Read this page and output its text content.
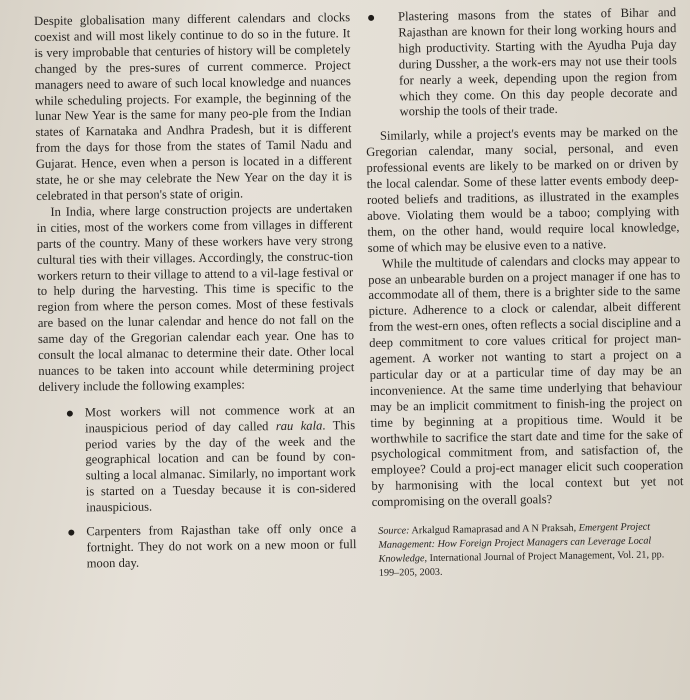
Despite globalisation many different calendars and clocks coexist and will most likely continue to do so in the future. It is very improbable that centuries of history will be completely changed by the pres-sures of current commerce. Project managers need to aware of such local knowledge and nuances while scheduling projects. For example, the beginning of the lunar New Year is the same for many peo-ple from the Indian states of Karnataka and Andhra Pradesh, but it is different from the days for those from the states of Tamil Nadu and Gujarat. Hence, even when a person is located in a different state, he or she may celebrate the New Year on the day it is celebrated in that person's state of origin.

In India, where large construction projects are undertaken in cities, most of the workers come from villages in different parts of the country. Many of these workers have very strong cultural ties with their villages. Accordingly, the construc-tion workers return to their village to attend to a vil-lage festival or to help during the harvesting. This time is specific to the region from where the person comes. Most of these festivals are based on the lunar calendar and hence do not fall on the same day of the Gregorian calendar each year. One has to consult the local almanac to determine their date. Other local nuances to be taken into account while determining project delivery include the following examples:

Most workers will not commence work at an inauspicious period of day called rau kala. This period varies by the day of the week and the geographical location and can be found by con-sulting a local almanac. Similarly, no important work is started on a Tuesday because it is con-sidered inauspicious.
Carpenters from Rajasthan take off only once a fortnight. They do not work on a new moon or full moon day.
Plastering masons from the states of Bihar and Rajasthan are known for their long working hours and high productivity. Starting with the Ayudha Puja day during Dussher, a the work-ers may not use their tools for nearly a week, depending upon the region from which they come. On this day people decorate and worship the tools of their trade.

Similarly, while a project's events may be marked on the Gregorian calendar, many social, personal, and even professional events are likely to be marked on or driven by the local calendar. Some of these latter events embody deep-rooted beliefs and traditions, as illustrated in the examples above. Violating them would be a taboo; complying with them, on the other hand, would require local knowledge, some of which may be elusive even to a native.

While the multitude of calendars and clocks may appear to pose an unbearable burden on a project manager if one has to accommodate all of them, there is a brighter side to the same picture. Adherence to a clock or calendar, albeit different from the west-ern ones, often reflects a social discipline and a deep commitment to core values critical for project man-agement. A worker not wanting to start a project on a particular day or at a particular time of day may be an inconvenience. At the same time underlying that behaviour may be an implicit commitment to finish-ing the project on time by beginning at a propitious time. Would it be worthwhile to sacrifice the start date and time for the sake of psychological commitment from, and satisfaction of, the employee? Could a proj-ect manager elicit such cooperation by harmonising with the local context but yet not compromising on the overall goals?

Source: Arkalgud Ramaprasad and A N Praksah, Emergent Project Management: How Foreign Project Managers can Leverage Local Knowledge, International Journal of Project Management, Vol. 21, pp. 199–205, 2003.
